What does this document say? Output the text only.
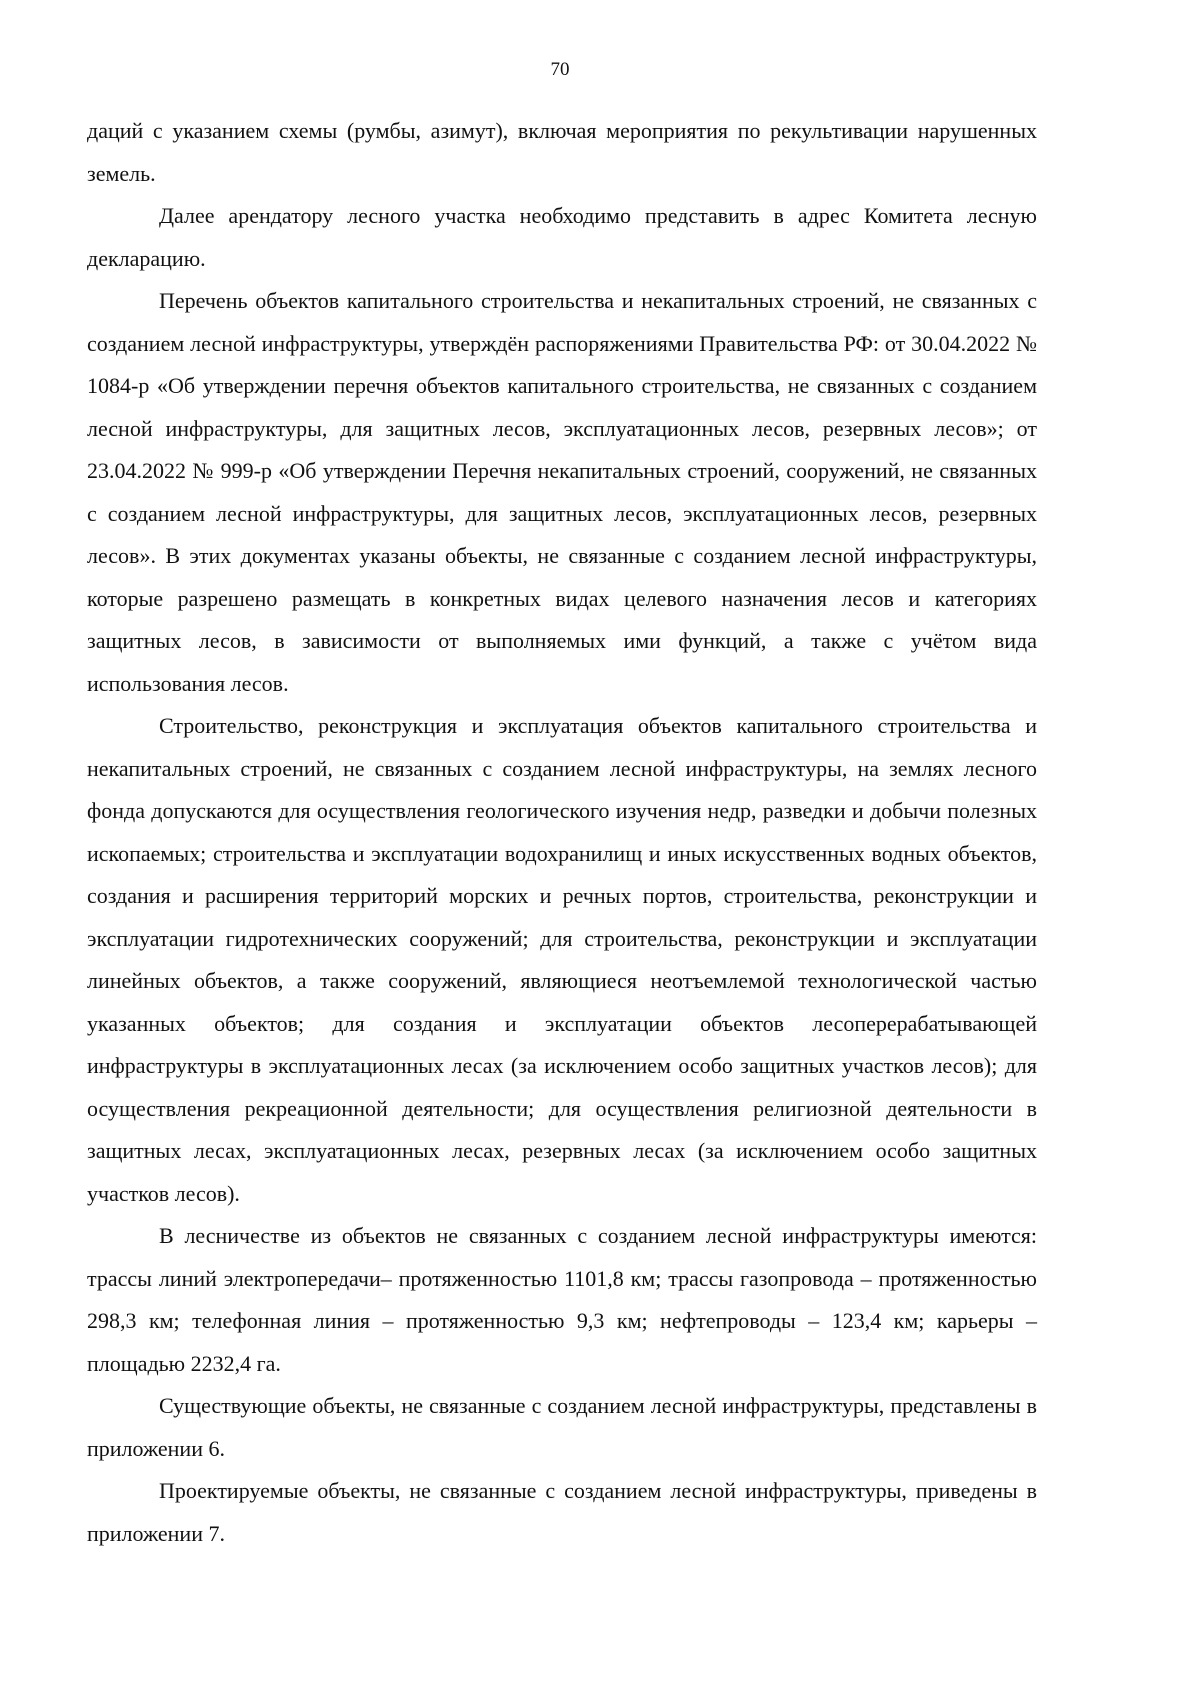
70

даций с указанием схемы (румбы, азимут), включая мероприятия по рекультивации нарушенных земель.

Далее арендатору лесного участка необходимо представить в адрес Комитета лесную декларацию.

Перечень объектов капитального строительства и некапитальных строений, не связанных с созданием лесной инфраструктуры, утверждён распоряжениями Правительства РФ: от 30.04.2022 № 1084-р «Об утверждении перечня объектов капитального строительства, не связанных с созданием лесной инфраструктуры, для защитных лесов, эксплуатационных лесов, резервных лесов»; от 23.04.2022 № 999-р «Об утверждении Перечня некапитальных строений, сооружений, не связанных с созданием лесной инфраструктуры, для защитных лесов, эксплуатационных лесов, резервных лесов». В этих документах указаны объекты, не связанные с созданием лесной инфраструктуры, которые разрешено размещать в конкретных видах целевого назначения лесов и категориях защитных лесов, в зависимости от выполняемых ими функций, а также с учётом вида использования лесов.

Строительство, реконструкция и эксплуатация объектов капитального строительства и некапитальных строений, не связанных с созданием лесной инфраструктуры, на землях лесного фонда допускаются для осуществления геологического изучения недр, разведки и добычи полезных ископаемых; строительства и эксплуатации водохранилищ и иных искусственных водных объектов, создания и расширения территорий морских и речных портов, строительства, реконструкции и эксплуатации гидротехнических сооружений; для строительства, реконструкции и эксплуатации линейных объектов, а также сооружений, являющиеся неотъемлемой технологической частью указанных объектов; для создания и эксплуатации объектов лесоперерабатывающей инфраструктуры в эксплуатационных лесах (за исключением особо защитных участков лесов); для осуществления рекреационной деятельности; для осуществления религиозной деятельности в защитных лесах, эксплуатационных лесах, резервных лесах (за исключением особо защитных участков лесов).

В лесничестве из объектов не связанных с созданием лесной инфраструктуры имеются: трассы линий электропередачи– протяженностью 1101,8 км; трассы газопровода – протяженностью 298,3 км; телефонная линия – протяженностью 9,3 км; нефтепроводы – 123,4 км; карьеры – площадью 2232,4 га.

Существующие объекты, не связанные с созданием лесной инфраструктуры, представлены в приложении 6.

Проектируемые объекты, не связанные с созданием лесной инфраструктуры, приведены в приложении 7.
